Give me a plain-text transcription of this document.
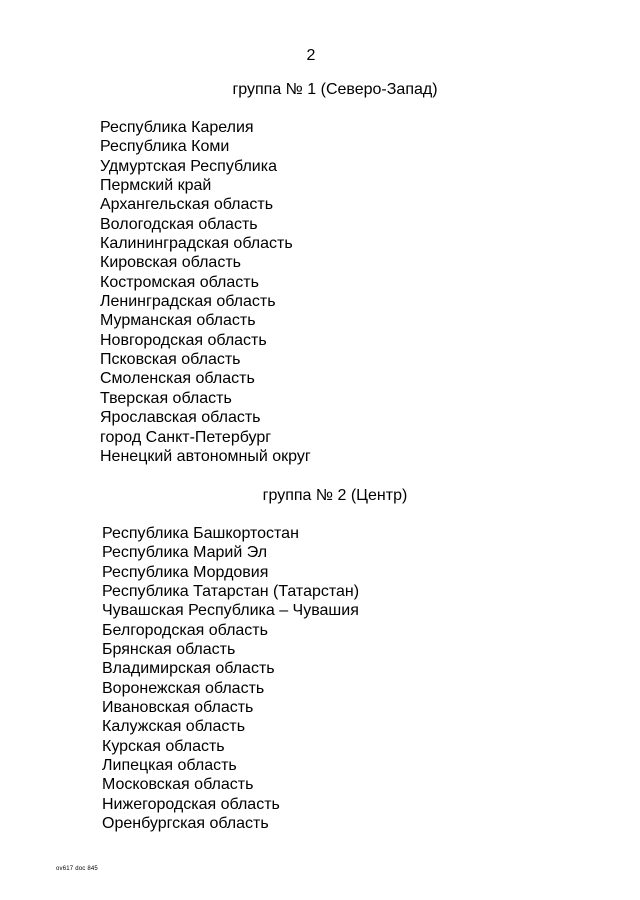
2

группа № 1 (Северо-Запад)
Республика Карелия
Республика Коми
Удмуртская Республика
Пермский край
Архангельская область
Вологодская область
Калининградская область
Кировская область
Костромская область
Ленинградская область
Мурманская область
Новгородская область
Псковская область
Смоленская область
Тверская область
Ярославская область
город Санкт-Петербург
Ненецкий автономный округ
группа № 2 (Центр)
Республика Башкортостан
Республика Марий Эл
Республика Мордовия
Республика Татарстан (Татарстан)
Чувашская Республика – Чувашия
Белгородская область
Брянская область
Владимирская область
Воронежская область
Ивановская область
Калужская область
Курская область
Липецкая область
Московская область
Нижегородская область
Оренбургская область

ov617 doc 845
